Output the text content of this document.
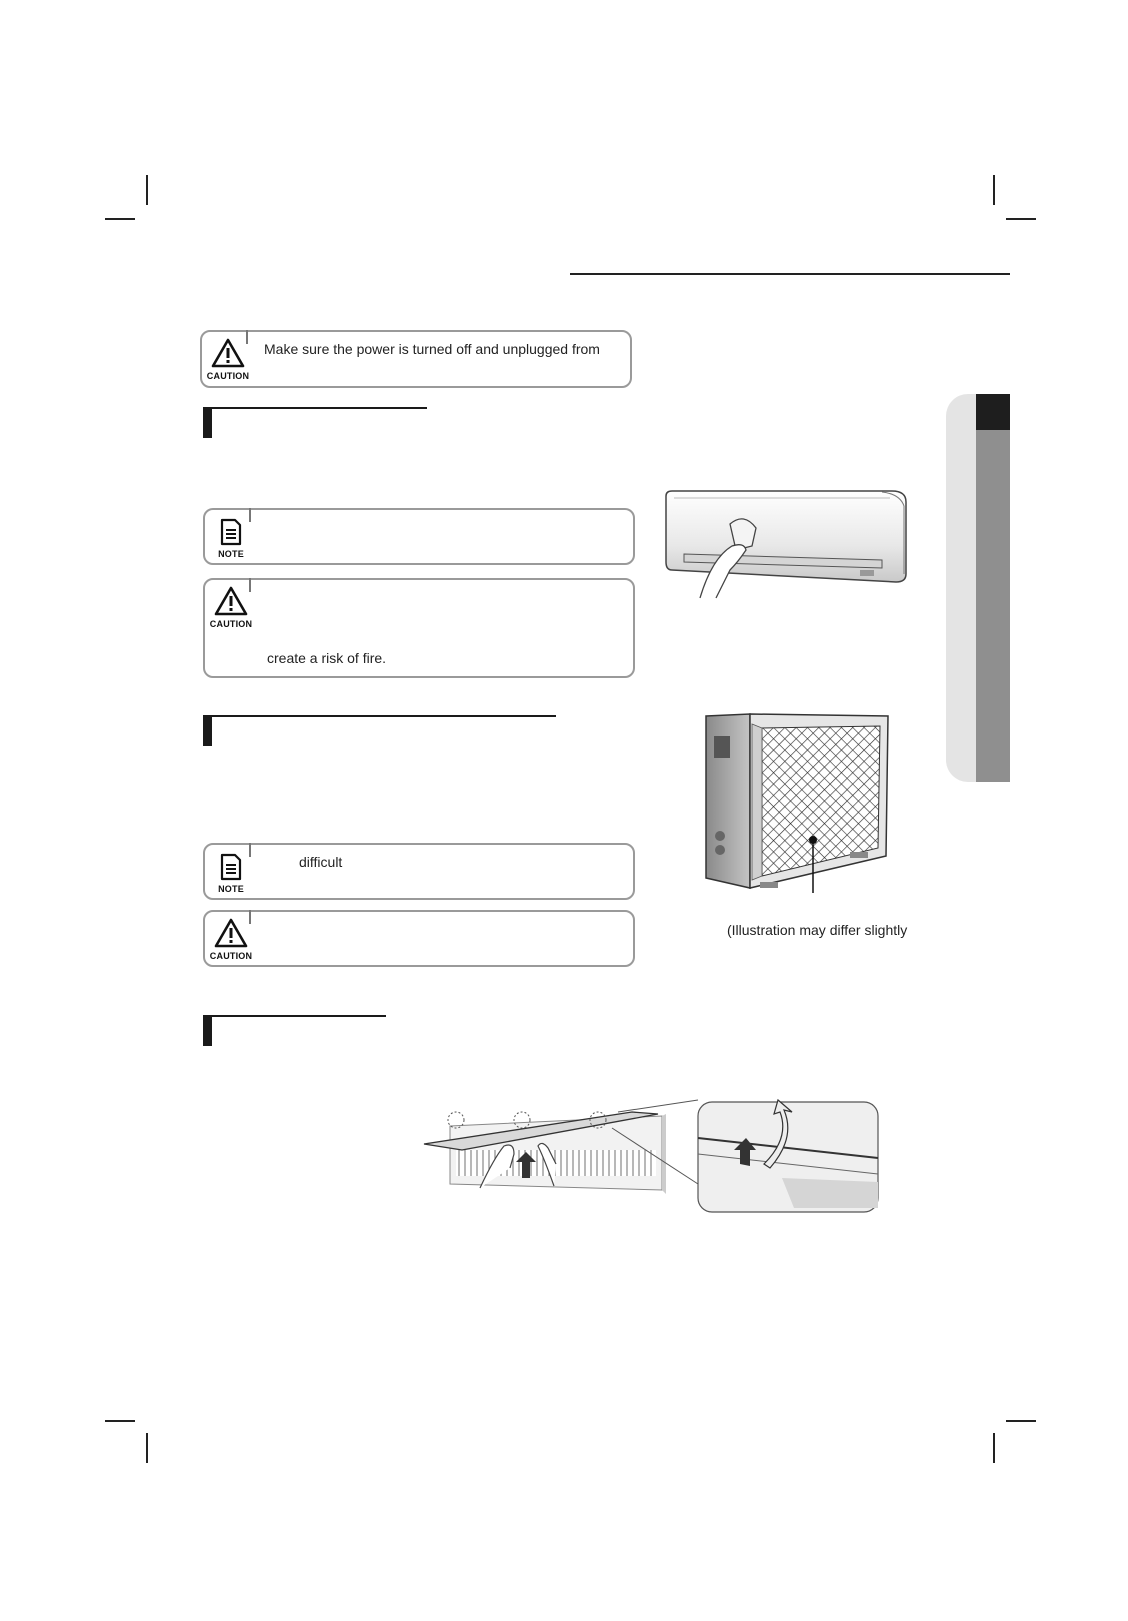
CAUTION
Make sure the power is turned off and unplugged from
NOTE
CAUTION
create a risk of fire.
NOTE
difficult
CAUTION
(Illustration may differ slightly
